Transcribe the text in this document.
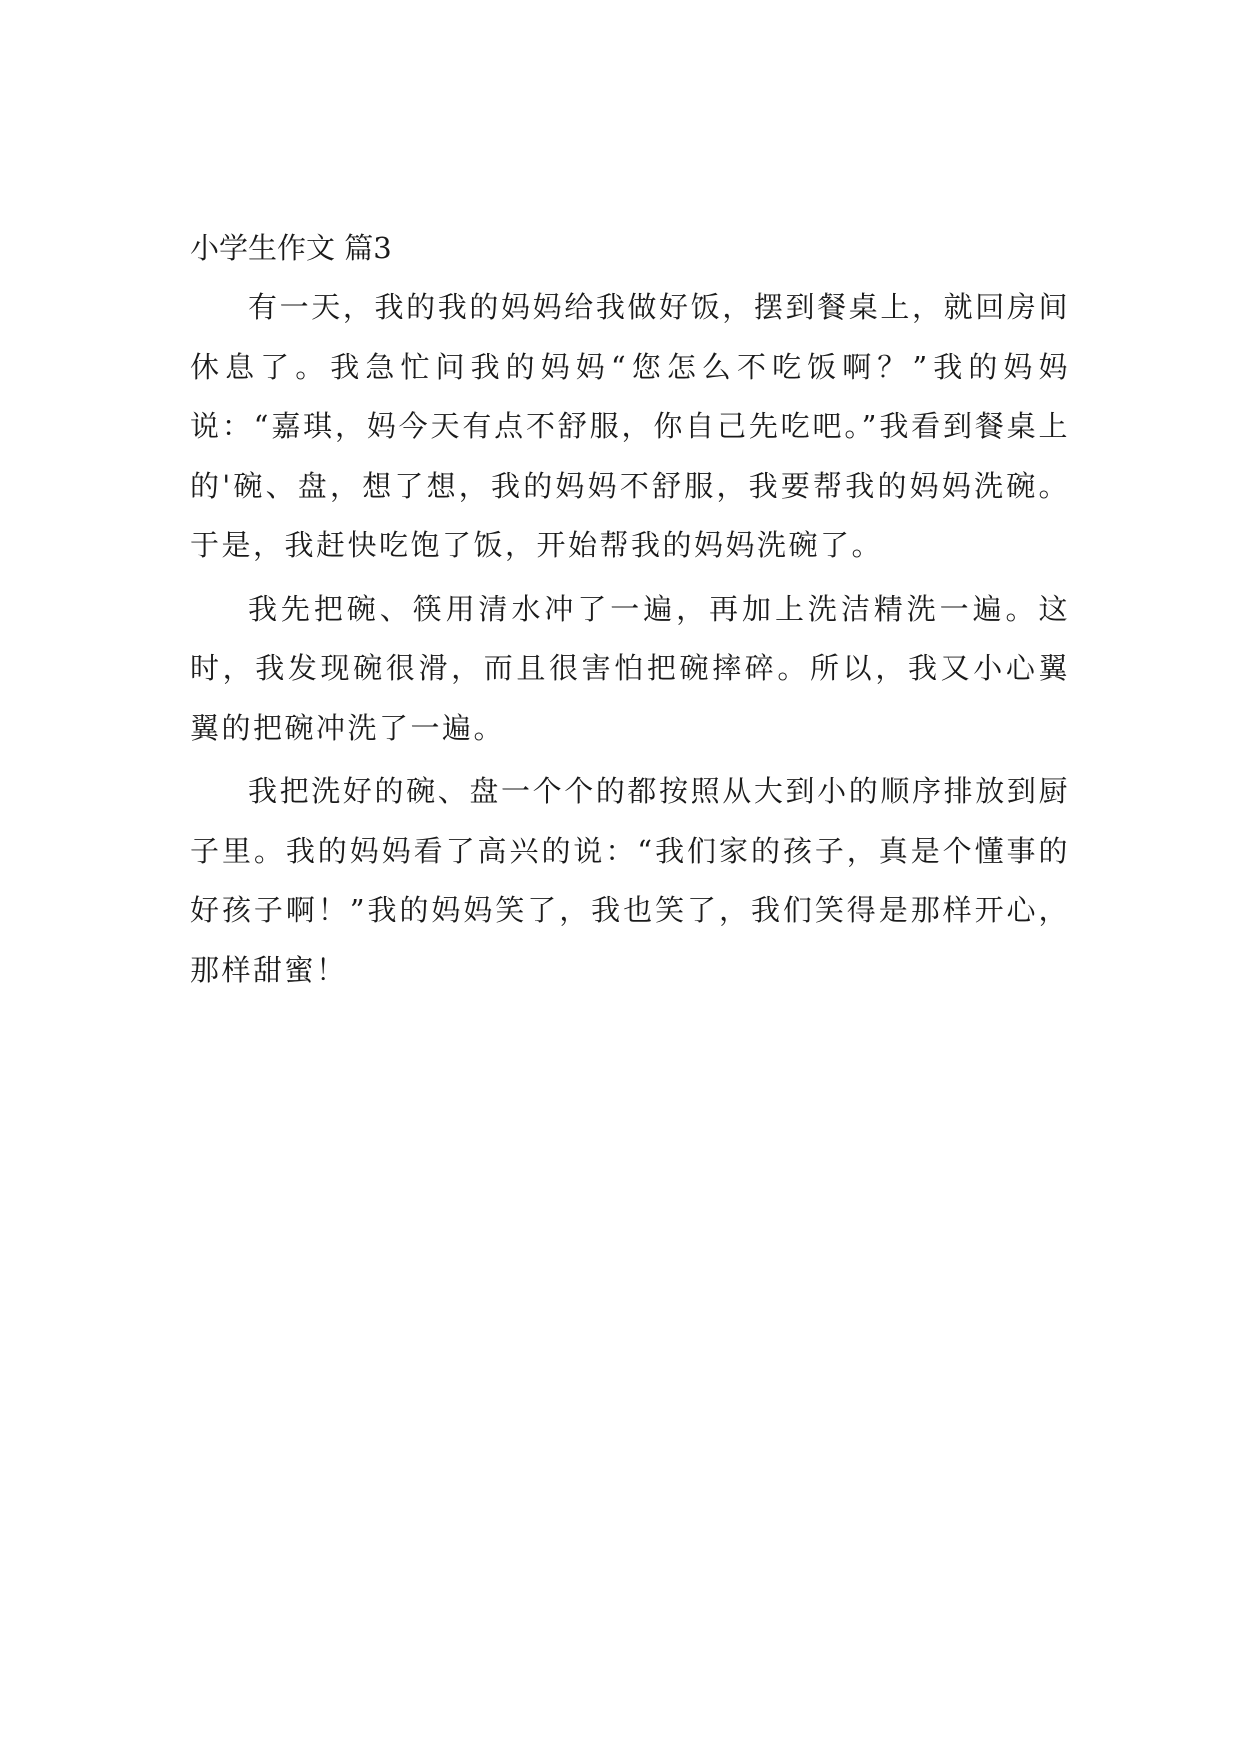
小学生作文 篇3

有一天，我的我的妈妈给我做好饭，摆到餐桌上，就回房间休息了。我急忙问我的妈妈“您怎么不吃饭啊？”我的妈妈说：“嘉琪，妈今天有点不舒服，你自己先吃吧。”我看到餐桌上的'碗、盘，想了想，我的妈妈不舒服，我要帮我的妈妈洗碗。于是，我赶快吃饱了饭，开始帮我的妈妈洗碗了。

我先把碗、筷用清水冲了一遍，再加上洗洁精洗一遍。这时，我发现碗很滑，而且很害怕把碗摔碎。所以，我又小心翼翼的把碗冲洗了一遍。

我把洗好的碗、盘一个个的都按照从大到小的顺序排放到厨子里。我的妈妈看了高兴的说：“我们家的孩子，真是个懂事的好孩子啊！”我的妈妈笑了，我也笑了，我们笑得是那样开心，那样甜蜜！
